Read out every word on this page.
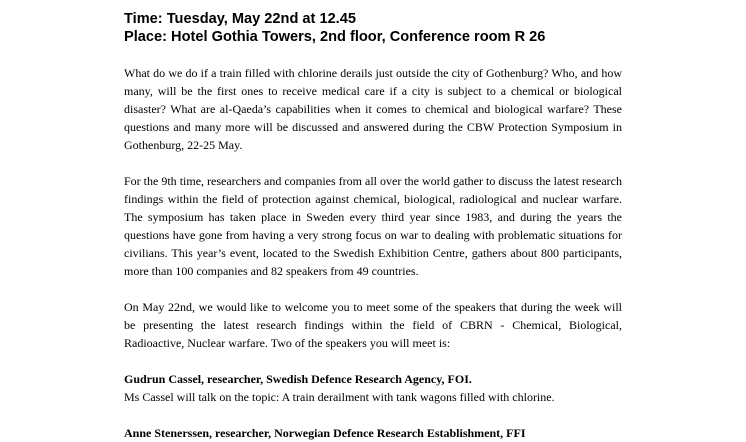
Time: Tuesday, May 22nd at 12.45

Place: Hotel Gothia Towers, 2nd floor, Conference room R 26

What do we do if a train filled with chlorine derails just outside the city of Gothenburg? Who, and how many, will be the first ones to receive medical care if a city is subject to a chemical or biological disaster? What are al-Qaeda’s capabilities when it comes to chemical and biological warfare? These questions and many more will be discussed and answered during the CBW Protection Symposium in Gothenburg, 22-25 May.

For the 9th time, researchers and companies from all over the world gather to discuss the latest research findings within the field of protection against chemical, biological, radiological and nuclear warfare. The symposium has taken place in Sweden every third year since 1983, and during the years the questions have gone from having a very strong focus on war to dealing with problematic situations for civilians. This year’s event, located to the Swedish Exhibition Centre, gathers about 800 participants, more than 100 companies and 82 speakers from 49 countries.

On May 22nd, we would like to welcome you to meet some of the speakers that during the week will be presenting the latest research findings within the field of CBRN - Chemical, Biological, Radioactive, Nuclear warfare. Two of the speakers you will meet is:

Gudrun Cassel, researcher, Swedish Defence Research Agency, FOI.

Ms Cassel will talk on the topic: A train derailment with tank wagons filled with chlorine.

Anne Stenerssen, researcher, Norwegian Defence Research Establishment, FFI
